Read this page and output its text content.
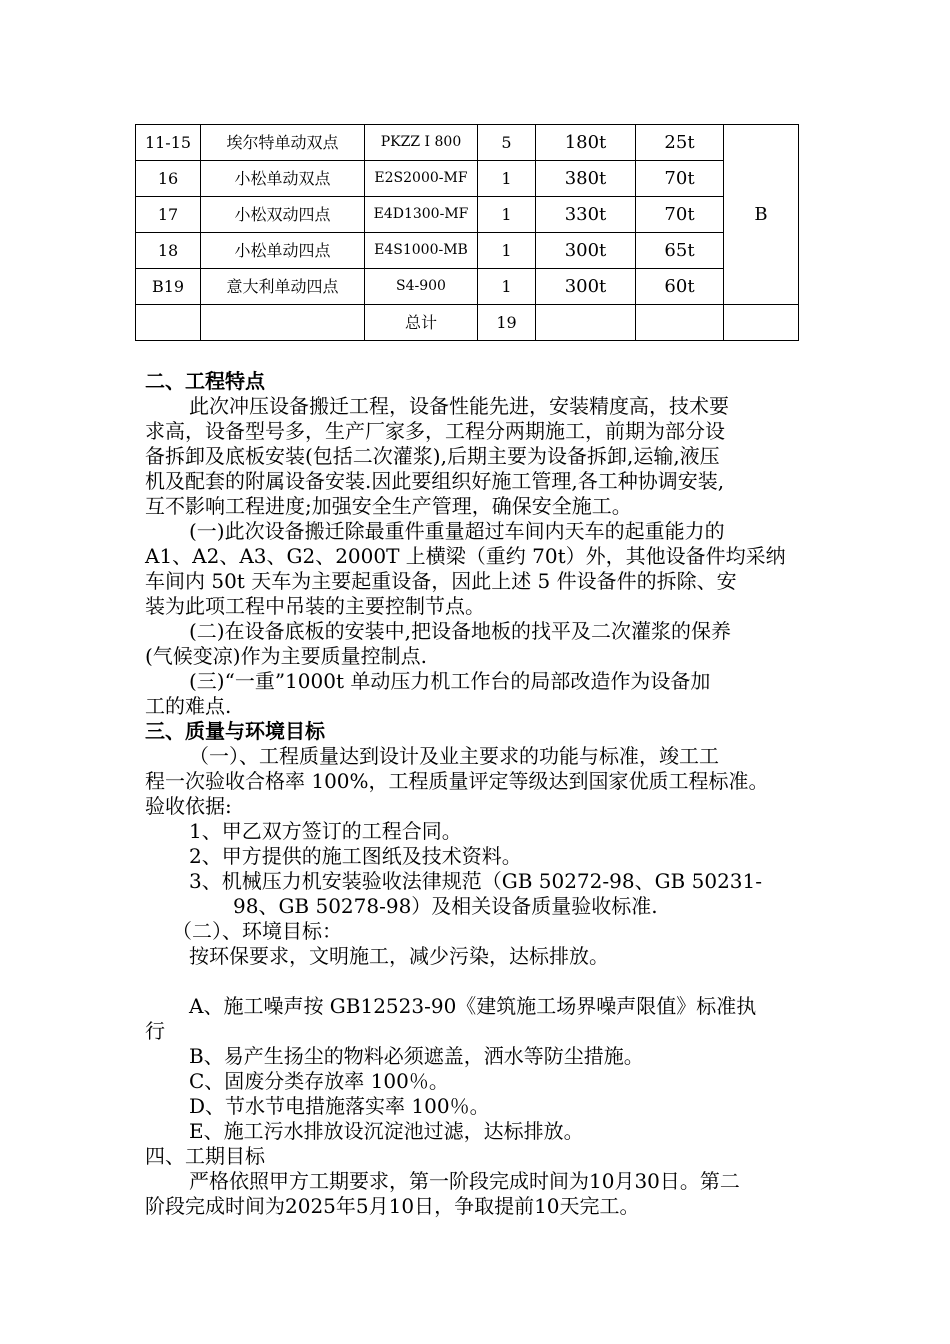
11-15	埃尔特单动双点	PKZZ I 800	5	180t	25t	B
16	小松单动双点	E2S2000-MF	1	380t	70t	
17	小松双动四点	E4D1300-MF	1	330t	70t	
18	小松单动四点	E4S1000-MB	1	300t	65t	
B19	意大利单动四点	S4-900	1	300t	60t	
		总计	19			
二、工程特点
此次冲压设备搬迁工程，设备性能先进，安装精度高，技术要
求高，设备型号多，生产厂家多，工程分两期施工，前期为部分设
备拆卸及底板安装(包括二次灌浆),后期主要为设备拆卸,运输,液压
机及配套的附属设备安装.因此要组织好施工管理,各工种协调安装,
互不影响工程进度;加强安全生产管理，确保安全施工。
(一)此次设备搬迁除最重件重量超过车间内天车的起重能力的
A1、A2、A3、G2、2000T 上横梁（重约 70t）外，其他设备件均采纳
车间内 50t 天车为主要起重设备，因此上述 5 件设备件的拆除、安
装为此项工程中吊装的主要控制节点。
(二)在设备底板的安装中,把设备地板的找平及二次灌浆的保养
(气候变凉)作为主要质量控制点.
(三)“一重”1000t 单动压力机工作台的局部改造作为设备加
工的难点.
三、质量与环境目标
（一）、工程质量达到设计及业主要求的功能与标准，竣工工
程一次验收合格率 100%，工程质量评定等级达到国家优质工程标准。
验收依据:
1、甲乙双方签订的工程合同。
2、甲方提供的施工图纸及技术资料。
3、机械压力机安装验收法律规范（GB 50272-98、GB 50231-
98、GB 50278-98）及相关设备质量验收标准.
（二）、环境目标：
按环保要求，文明施工，减少污染，达标排放。
A、施工噪声按 GB12523-90《建筑施工场界噪声限值》标准执
行
B、易产生扬尘的物料必须遮盖，洒水等防尘措施。
C、固废分类存放率 100％。
D、节水节电措施落实率 100％。
E、施工污水排放设沉淀池过滤，达标排放。
四、工期目标
严格依照甲方工期要求，第一阶段完成时间为10月30日。第二
阶段完成时间为2025年5月10日，争取提前10天完工。
